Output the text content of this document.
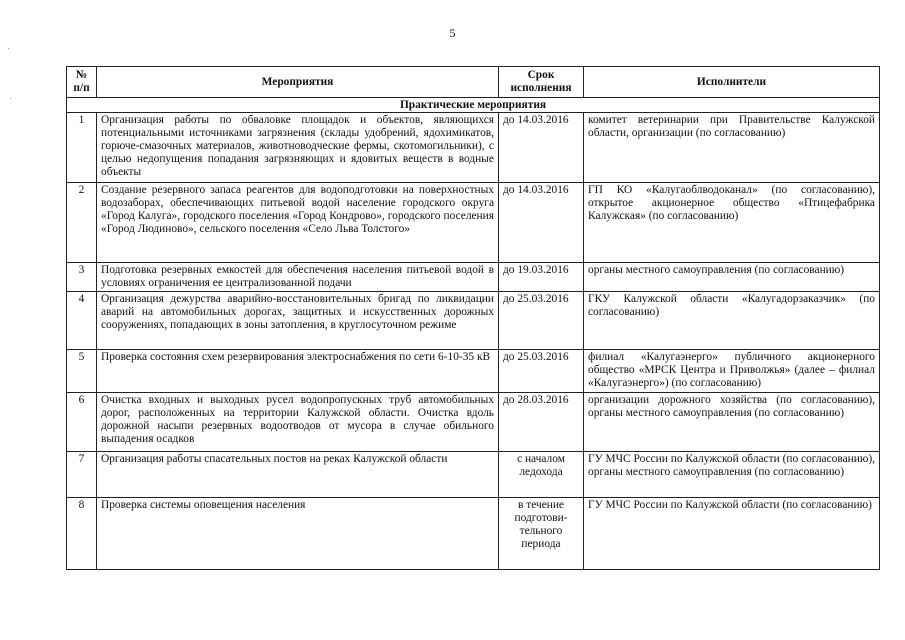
5
№ п/п	Мероприятия	Срок исполнения	Исполнители
Практические мероприятия			
1	Организация работы по обваловке площадок и объектов, являющихся потенциальными источниками загрязнения (склады удобрений, ядохимикатов, горюче-смазочных материалов, животноводческие фермы, скотомогильники), с целью недопущения попадания загрязняющих и ядовитых веществ в водные объекты	до 14.03.2016	комитет ветеринарии при Правительстве Калужской области, организации (по согласованию)
2	Создание резервного запаса реагентов для водоподготовки на поверхностных водозаборах, обеспечивающих питьевой водой население городского округа «Город Калуга», городского поселения «Город Кондрово», городского поселения «Город Людиново», сельского поселения «Село Льва Толстого»	до 14.03.2016	ГП КО «Калугаоблводоканал» (по согласованию), открытое акционерное общество «Птицефабрика Калужская» (по согласованию)
3	Подготовка резервных емкостей для обеспечения населения питьевой водой в условиях ограничения ее централизованной подачи	до 19.03.2016	органы местного самоуправления (по согласованию)
4	Организация дежурства аварийно-восстановительных бригад по ликвидации аварий на автомобильных дорогах, защитных и искусственных дорожных сооружениях, попадающих в зоны затопления, в круглосуточном режиме	до 25.03.2016	ГКУ Калужской области «Калугадорзаказчик» (по согласованию)
5	Проверка состояния схем резервирования электроснабжения по сети 6-10-35 кВ	до 25.03.2016	филиал «Калугаэнерго» публичного акционерного общество «МРСК Центра и Приволжья» (далее – филиал «Калугаэнерго») (по согласованию)
6	Очистка входных и выходных русел водопропускных труб автомобильных дорог, расположенных на территории Калужской области. Очистка вдоль дорожной насыпи резервных водоотводов от мусора в случае обильного выпадения осадков	до 28.03.2016	организации дорожного хозяйства (по согласованию), органы местного самоуправления (по согласованию)
7	Организация работы спасательных постов на реках Калужской области	с началом ледохода	ГУ МЧС России по Калужской области (по согласованию), органы местного самоуправления (по согласованию)
8	Проверка системы оповещения населения	в течение подготови-тельного периода	ГУ МЧС России по Калужской области (по согласованию)
